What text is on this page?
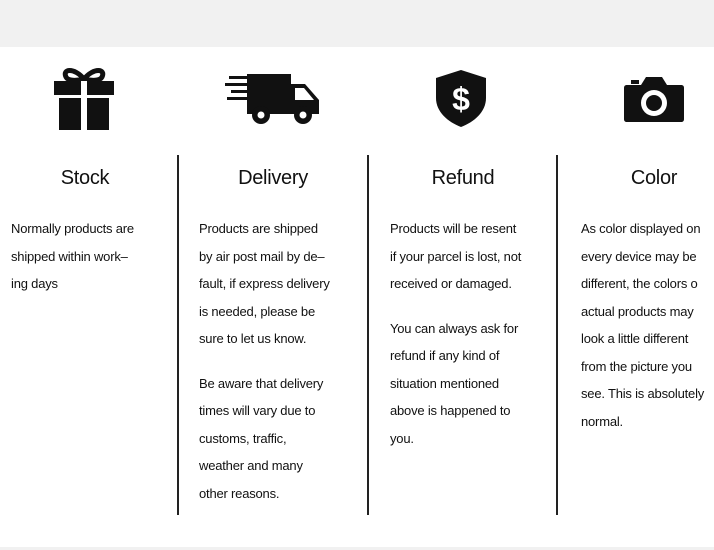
Stock

Normally products are
shipped within work–
ing days

Delivery

Products are shipped
by air post mail by de–
fault, if express delivery
is needed, please be
sure to let us know.

Be aware that delivery
times will vary due to
customs, traffic,
weather and many
other reasons.

$
Refund

Products will be resent
if your parcel is lost, not
received or damaged.

You can always ask for
refund if any kind of
situation mentioned
above is happened to
you.

Color

As color displayed on
every device may be
different, the colors o
actual products may
look a little different
from the picture you
see. This is absolutely
normal.
